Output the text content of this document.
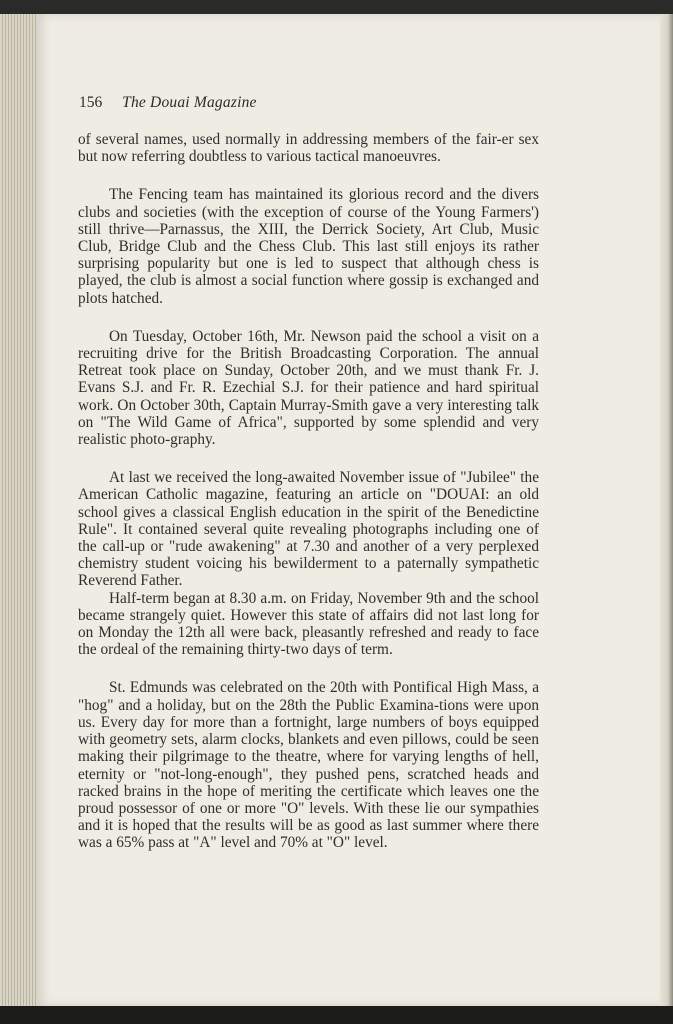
156 The Douai Magazine

of several names, used normally in addressing members of the fair-er sex but now referring doubtless to various tactical manoeuvres.

The Fencing team has maintained its glorious record and the divers clubs and societies (with the exception of course of the Young Farmers') still thrive—Parnassus, the XIII, the Derrick Society, Art Club, Music Club, Bridge Club and the Chess Club. This last still enjoys its rather surprising popularity but one is led to suspect that although chess is played, the club is almost a social function where gossip is exchanged and plots hatched.

On Tuesday, October 16th, Mr. Newson paid the school a visit on a recruiting drive for the British Broadcasting Corporation. The annual Retreat took place on Sunday, October 20th, and we must thank Fr. J. Evans S.J. and Fr. R. Ezechial S.J. for their patience and hard spiritual work. On October 30th, Captain Murray-Smith gave a very interesting talk on "The Wild Game of Africa", supported by some splendid and very realistic photo-graphy.

At last we received the long-awaited November issue of "Jubilee" the American Catholic magazine, featuring an article on "DOUAI: an old school gives a classical English education in the spirit of the Benedictine Rule". It contained several quite revealing photographs including one of the call-up or "rude awakening" at 7.30 and another of a very perplexed chemistry student voicing his bewilderment to a paternally sympathetic Reverend Father.

Half-term began at 8.30 a.m. on Friday, November 9th and the school became strangely quiet. However this state of affairs did not last long for on Monday the 12th all were back, pleasantly refreshed and ready to face the ordeal of the remaining thirty-two days of term.

St. Edmunds was celebrated on the 20th with Pontifical High Mass, a "hog" and a holiday, but on the 28th the Public Examina-tions were upon us. Every day for more than a fortnight, large numbers of boys equipped with geometry sets, alarm clocks, blankets and even pillows, could be seen making their pilgrimage to the theatre, where for varying lengths of hell, eternity or "not-long-enough", they pushed pens, scratched heads and racked brains in the hope of meriting the certificate which leaves one the proud possessor of one or more "O" levels. With these lie our sympathies and it is hoped that the results will be as good as last summer where there was a 65% pass at "A" level and 70% at "O" level.
